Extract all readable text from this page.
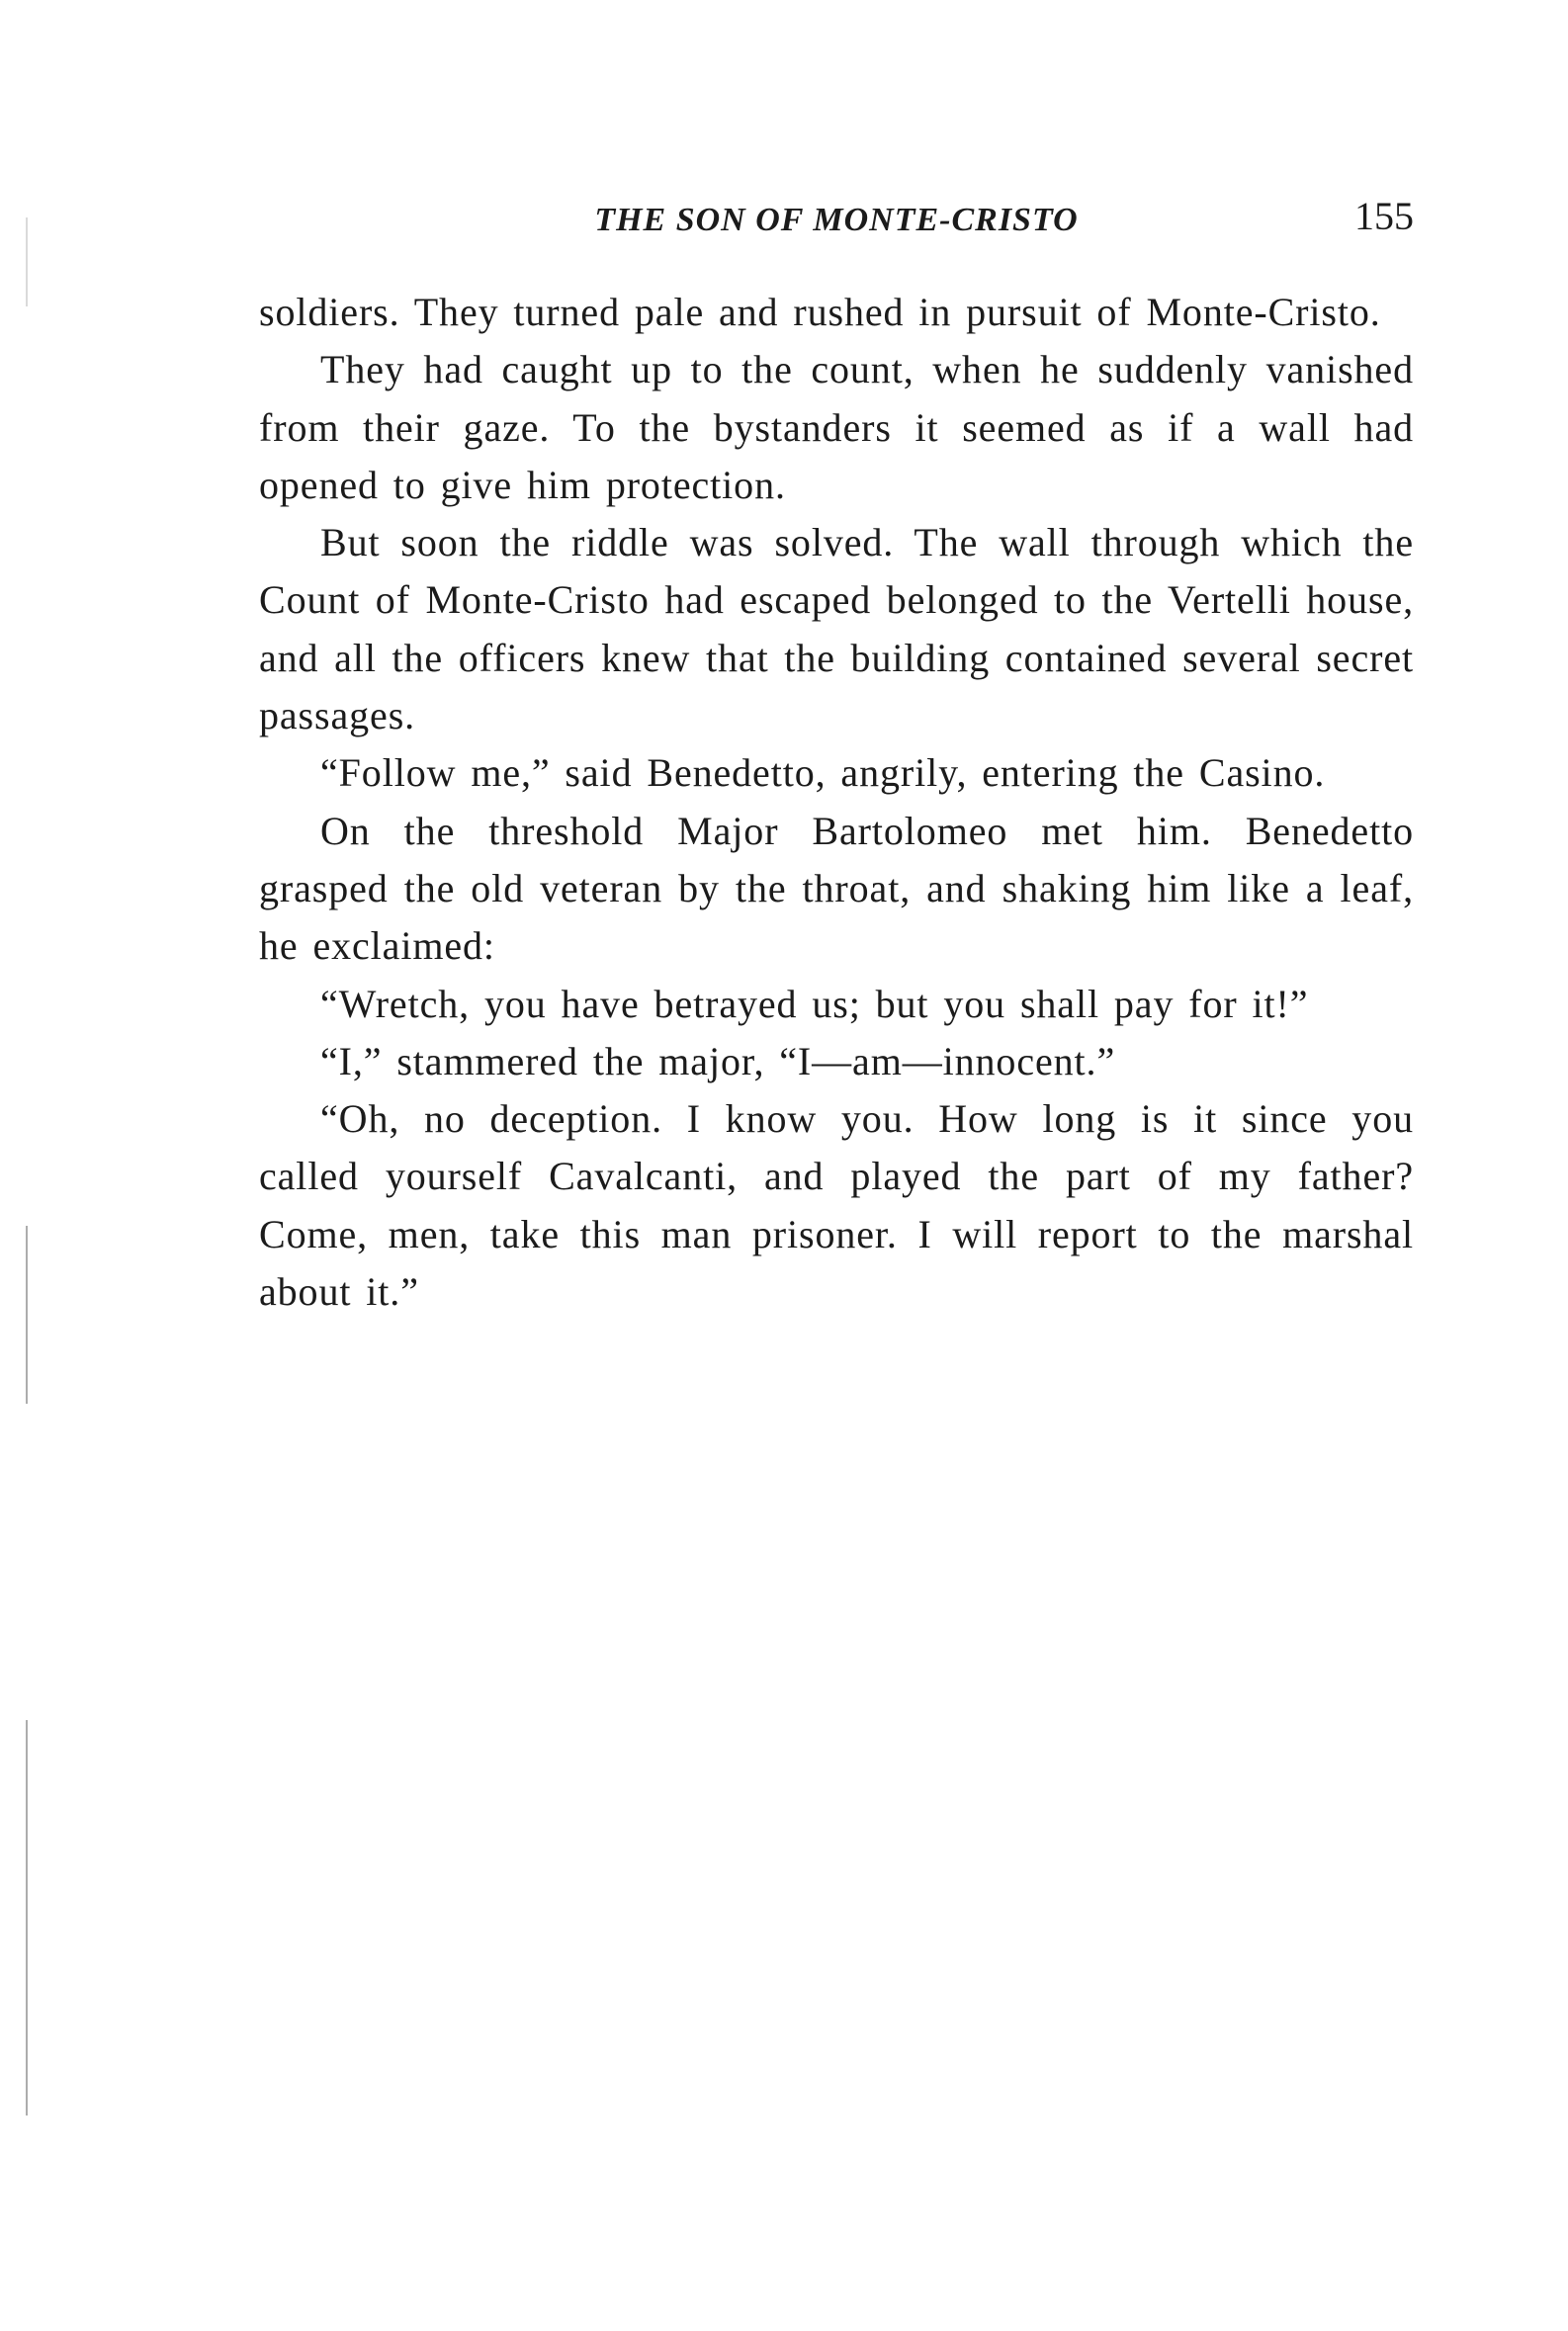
THE SON OF MONTE-CRISTO	155

soldiers. They turned pale and rushed in pursuit of Monte-Cristo.

They had caught up to the count, when he suddenly vanished from their gaze. To the bystanders it seemed as if a wall had opened to give him protection.

But soon the riddle was solved. The wall through which the Count of Monte-Cristo had escaped belonged to the Vertelli house, and all the officers knew that the building contained several secret passages.

“Follow me,” said Benedetto, angrily, entering the Casino.

On the threshold Major Bartolomeo met him. Benedetto grasped the old veteran by the throat, and shaking him like a leaf, he exclaimed:

“Wretch, you have betrayed us; but you shall pay for it!”

“I,” stammered the major, “I—am—innocent.”

“Oh, no deception. I know you. How long is it since you called yourself Cavalcanti, and played the part of my father? Come, men, take this man prisoner. I will report to the marshal about it.”
